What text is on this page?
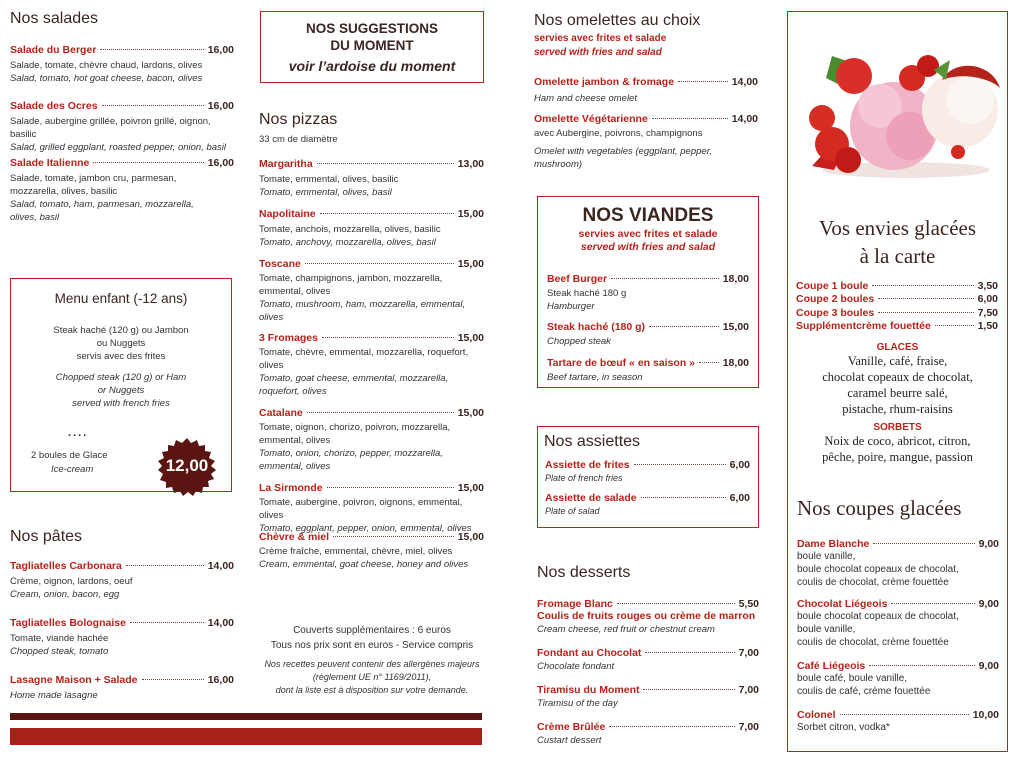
Nos salades
Salade du Berger	16,00
Salade, tomate, chèvre chaud, lardons, olives
Salad, tomato, hot goat cheese, bacon, olives
Salade des Ocres	16,00
Salade, aubergine grillée, poivron grillé, oignon, basilic
Salad, grilled eggplant, roasted pepper, onion, basil
Salade Italienne	16,00
Salade, tomate, jambon cru, parmesan,
mozzarella, olives, basilic
Salad, tomato, ham, parmesan, mozzarella,
olives, basil
Menu enfant (-12 ans)
Steak haché (120 g) ou Jambon
ou Nuggets
servis avec des frites
Chopped steak (120 g) or Ham
or Nuggets
served with french fries
....
2 boules de Glace
Ice-cream	12,00
Nos pâtes
Tagliatelles Carbonara	14,00
Crème, oignon, lardons, oeuf
Cream, onion, bacon, egg
Tagliatelles Bolognaise	14,00
Tomate, viande hachée
Chopped steak, tomato
Lasagne Maison + Salade	16,00
Home made lasagne
NOS SUGGESTIONS
DU MOMENT
voir l’ardoise du moment
Nos pizzas
33 cm de diamètre
Margaritha	13,00
Tomate, emmental, olives, basilic
Tomato, emmental, olives, basil
Napolitaine	15,00
Tomate, anchois, mozzarella, olives, basilic
Tomato, anchovy, mozzarella, olives, basil
Toscane	15,00
Tomate, champignons, jambon, mozzarella,
emmental, olives
Tomato, mushroom, ham, mozzarella, emmental,
olives
3 Fromages	15,00
Tomate, chèvre, emmental, mozzarella, roquefort,
olives
Tomato, goat cheese, emmental, mozzarella,
roquefort, olives
Catalane	15,00
Tomate, oignon, chorizo, poivron, mozzarella,
emmental, olives
Tomato, onion, chorizo, pepper, mozzarella,
emmental, olives
La Sirmonde	15,00
Tomate, aubergine, poivron, oignons, emmental, olives
Tomato, eggplant, pepper, onion, emmental, olives
Chèvre & miel	15,00
Crème fraîche, emmental, chèvre, miel, olives
Cream, emmental, goat cheese, honey and olives
Couverts supplémentaires : 6 euros
Tous nos prix sont en euros - Service compris
Nos recettes peuvent contenir des allergènes majeurs
(règlement UE n° 1169/2011),
dont la liste est à disposition sur votre demande.
Nos omelettes au choix
servies avec frites et salade
served with fries and salad
Omelette jambon & fromage	14,00
Ham and cheese omelet
Omelette Végétarienne	14,00
avec Aubergine, poivrons, champignons
Omelet with vegetables (eggplant, pepper,
mushroom)
NOS VIANDES
servies avec frites et salade
served with fries and salad
Beef Burger	18,00
Steak haché 180 g
Hamburger
Steak haché (180 g)	15,00
Chopped steak
Tartare de bœuf « en saison »	18,00
Beef tartare, in season
Nos assiettes
Assiette de frites	6,00
Plate of french fries
Assiette de salade	6,00
Plate of salad
Nos desserts
Fromage Blanc	5,50
Coulis de fruits rouges ou crème de marron
Cream cheese, red fruit or chestnut cream
Fondant au Chocolat	7,00
Chocolate fondant
Tiramisu du Moment	7,00
Tiramisu of the day
Crème Brûlée	7,00
Custart dessert
Vos envies glacées
à la carte
Coupe 1 boule	3,50
Coupe 2 boules	6,00
Coupe 3 boules	7,50
Supplémentcrème fouettée	1,50
GLACES
Vanille, café, fraise,
chocolat copeaux de chocolat,
caramel beurre salé,
pistache, rhum-raisins
SORBETS
Noix de coco, abricot, citron,
pêche, poire, mangue, passion
Nos coupes glacées
Dame Blanche	9,00
boule vanille,
boule chocolat copeaux de chocolat,
coulis de chocolat, crème fouettée
Chocolat Liégeois	9,00
boule chocolat copeaux de chocolat,
boule vanille,
coulis de chocolat, crème fouettée
Café Liégeois	9,00
boule café, boule vanille,
coulis de café, crème fouettée
Colonel	10,00
Sorbet citron, vodka*
